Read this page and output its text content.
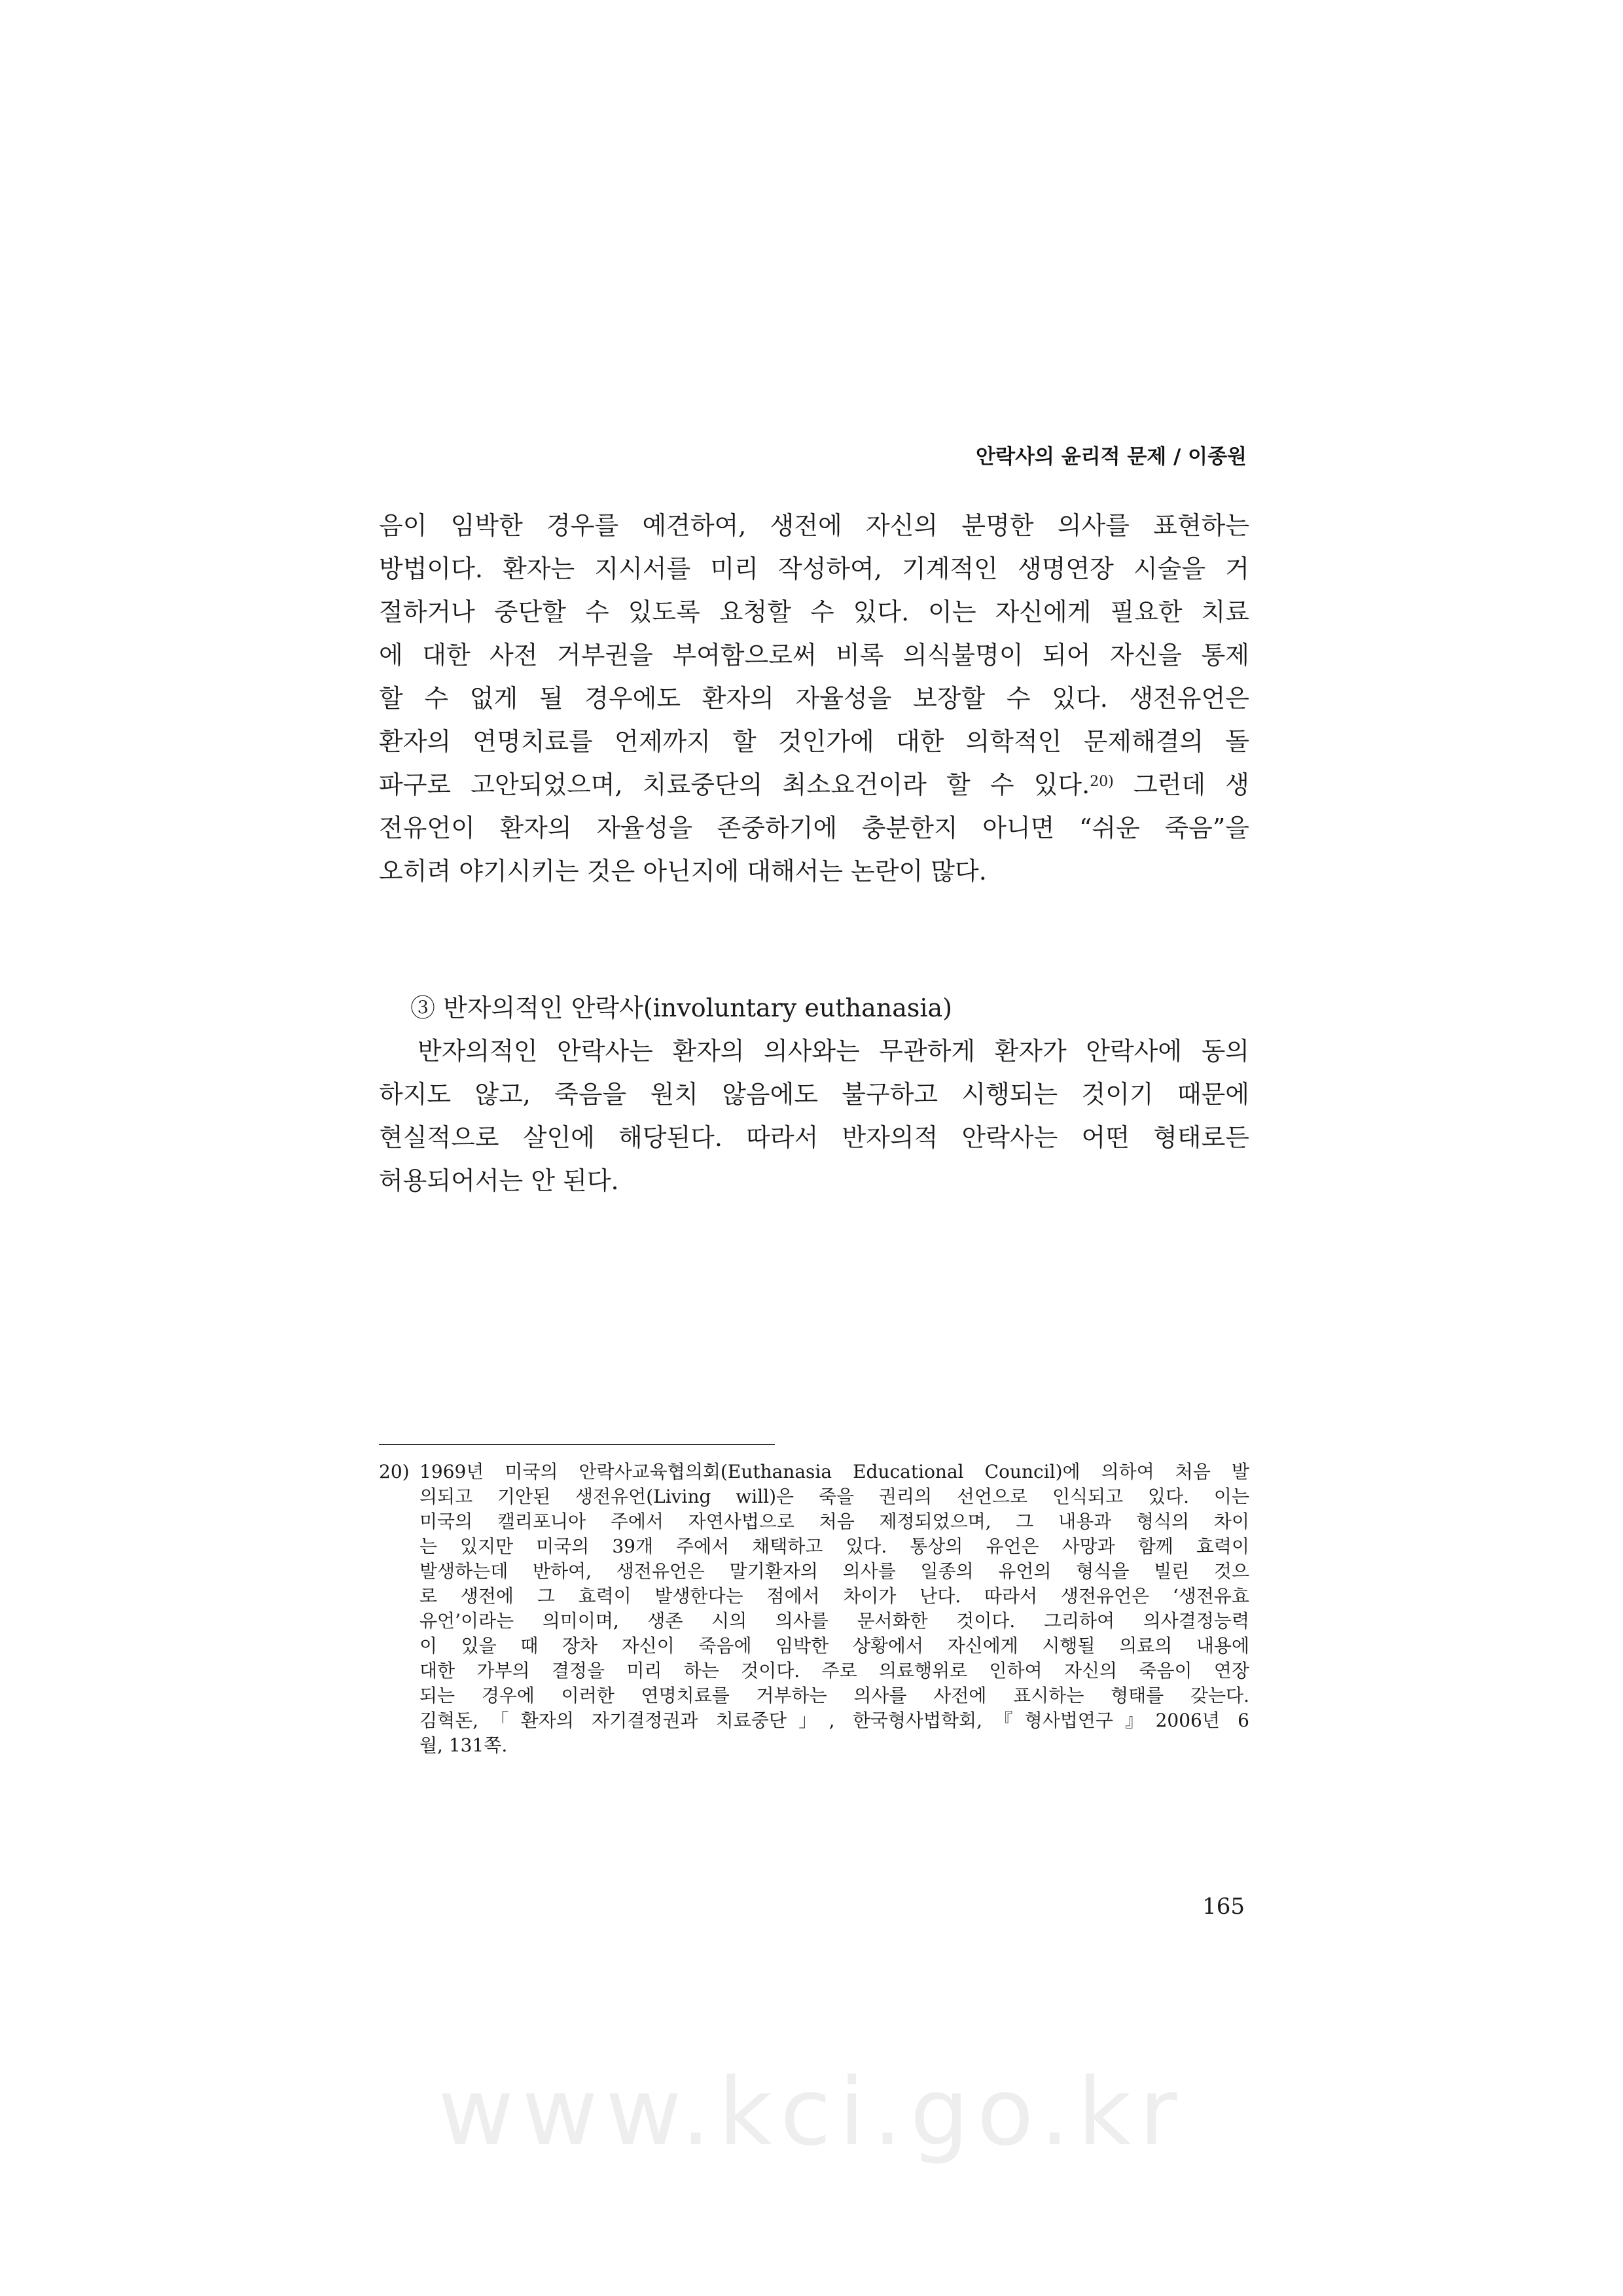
안락사의 윤리적 문제 / 이종원
음이 임박한 경우를 예견하여, 생전에 자신의 분명한 의사를 표현하는
방법이다. 환자는 지시서를 미리 작성하여, 기계적인 생명연장 시술을 거
절하거나 중단할 수 있도록 요청할 수 있다. 이는 자신에게 필요한 치료
에 대한 사전 거부권을 부여함으로써 비록 의식불명이 되어 자신을 통제
할 수 없게 될 경우에도 환자의 자율성을 보장할 수 있다. 생전유언은
환자의 연명치료를 언제까지 할 것인가에 대한 의학적인 문제해결의 돌
파구로 고안되었으며, 치료중단의 최소요건이라 할 수 있다.$^{20)}$ 그런데 생
전유언이 환자의 자율성을 존중하기에 충분한지 아니면 “쉬운 죽음”을
오히려 야기시키는 것은 아닌지에 대해서는 논란이 많다.
③ 반자의적인 안락사(involuntary euthanasia)
반자의적인 안락사는 환자의 의사와는 무관하게 환자가 안락사에 동의
하지도 않고, 죽음을 원치 않음에도 불구하고 시행되는 것이기 때문에
현실적으로 살인에 해당된다. 따라서 반자의적 안락사는 어떤 형태로든
허용되어서는 안 된다.
20) 1969년 미국의 안락사교육협의회(Euthanasia Educational Council)에 의하여 처음 발
의되고 기안된 생전유언(Living will)은 죽을 권리의 선언으로 인식되고 있다. 이는
미국의 캘리포니아 주에서 자연사법으로 처음 제정되었으며, 그 내용과 형식의 차이
는 있지만 미국의 39개 주에서 채택하고 있다. 통상의 유언은 사망과 함께 효력이
발생하는데 반하여, 생전유언은 말기환자의 의사를 일종의 유언의 형식을 빌린 것으
로 생전에 그 효력이 발생한다는 점에서 차이가 난다. 따라서 생전유언은 ‘생전유효
유언’이라는 의미이며, 생존 시의 의사를 문서화한 것이다. 그리하여 의사결정능력
이 있을 때 장차 자신이 죽음에 임박한 상황에서 자신에게 시행될 의료의 내용에
대한 가부의 결정을 미리 하는 것이다. 주로 의료행위로 인하여 자신의 죽음이 연장
되는 경우에 이러한 연명치료를 거부하는 의사를 사전에 표시하는 형태를 갖는다.
김혁돈,「환자의 자기결정권과 치료중단」, 한국형사법학회,『형사법연구』2006년 6
월, 131쪽.
165
www.kci.go.kr
